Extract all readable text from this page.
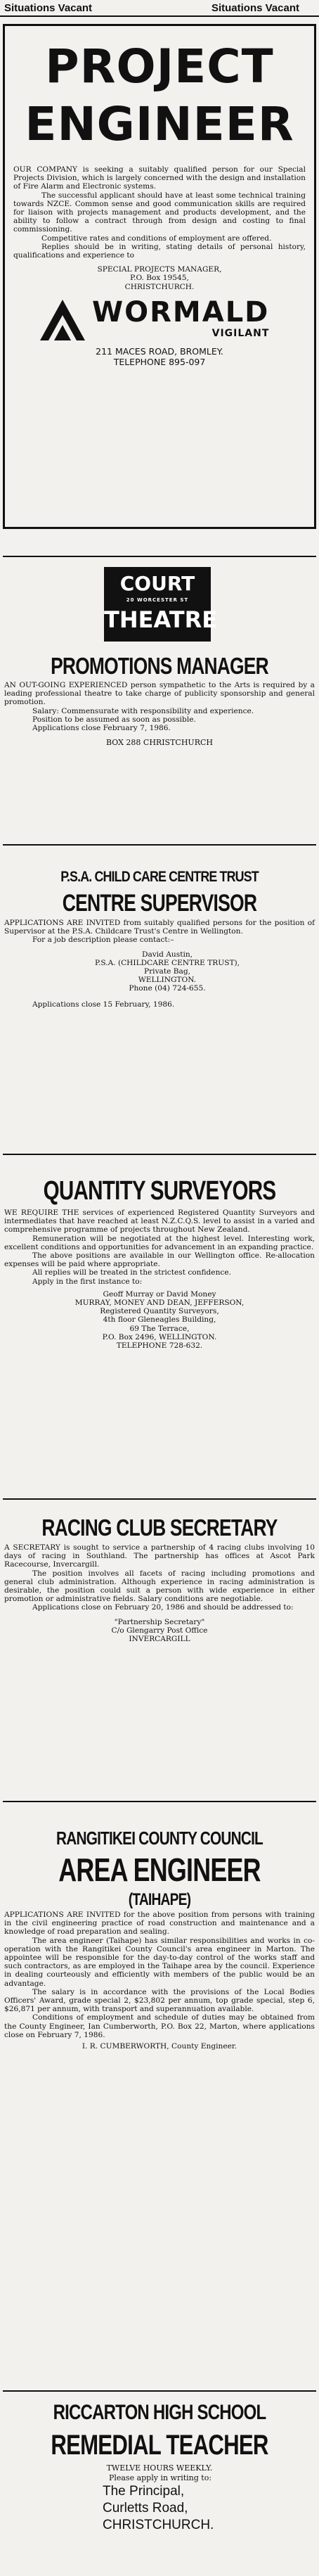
Situations Vacant	Situations Vacant
PROJECT
ENGINEER

OUR COMPANY is seeking a suitably qualified person for our Special Projects Division, which is largely concerned with the design and installation of Fire Alarm and Electronic systems.

The successful applicant should have at least some technical training towards NZCE. Common sense and good communication skills are required for liaison with projects management and products development, and the ability to follow a contract through from design and costing to final commissioning.

Competitive rates and conditions of employment are offered.

Replies should be in writing, stating details of personal history, qualifications and experience to

SPECIAL PROJECTS MANAGER,
P.O. Box 19545,
CHRISTCHURCH.
WORMALD
VIGILANT
211 MACES ROAD, BROMLEY.
TELEPHONE 895-097
COURT
20 WORCESTER ST
THEATRE
PROMOTIONS MANAGER

AN OUT-GOING EXPERIENCED person sympathetic to the Arts is required by a leading professional theatre to take charge of publicity sponsorship and general promotion.

Salary: Commensurate with responsibility and experience.

Position to be assumed as soon as possible.

Applications close February 7, 1986.

BOX 288 CHRISTCHURCH
P.S.A. CHILD CARE CENTRE TRUST
CENTRE SUPERVISOR

APPLICATIONS ARE INVITED from suitably qualified persons for the position of Supervisor at the P.S.A. Childcare Trust's Centre in Wellington.

For a job description please contact:–

David Austin,
P.S.A. (CHILDCARE CENTRE TRUST),
Private Bag,
WELLINGTON.
Phone (04) 724-655.

Applications close 15 February, 1986.

QUANTITY SURVEYORS

WE REQUIRE THE services of experienced Registered Quantity Surveyors and intermediates that have reached at least N.Z.C.Q.S. level to assist in a varied and comprehensive programme of projects throughout New Zealand.

Remuneration will be negotiated at the highest level. Interesting work, excellent conditions and opportunities for advancement in an expanding practice.

The above positions are available in our Wellington office. Re-allocation expenses will be paid where appropriate.

All replies will be treated in the strictest confidence.

Apply in the first instance to:

Geoff Murray or David Money
MURRAY, MONEY AND DEAN, JEFFERSON,
Registered Quantity Surveyors,
4th floor Gleneagles Building,
69 The Terrace,
P.O. Box 2496, WELLINGTON.
TELEPHONE 728-632.
RACING CLUB SECRETARY

A SECRETARY is sought to service a partnership of 4 racing clubs involving 10 days of racing in Southland. The partnership has offices at Ascot Park Racecourse, Invercargill.

The position involves all facets of racing including promotions and general club administration. Although experience in racing administration is desirable, the position could suit a person with wide experience in either promotion or administrative fields. Salary conditions are negotiable.

Applications close on February 20, 1986 and should be addressed to:

"Partnership Secretary"
C/o Glengarry Post Office
INVERCARGILL
RANGITIKEI COUNTY COUNCIL
AREA ENGINEER
(TAIHAPE)

APPLICATIONS ARE INVITED for the above position from persons with training in the civil engineering practice of road construction and maintenance and a knowledge of road preparation and sealing.

The area engineer (Taihape) has similar responsibilities and works in co-operation with the Rangitikei County Council's area engineer in Marton. The appointee will be responsible for the day-to-day control of the works staff and such contractors, as are employed in the Taihape area by the council. Experience in dealing courteously and efficiently with members of the public would be an advantage.

The salary is in accordance with the provisions of the Local Bodies Officers' Award, grade special 2, $23,802 per annum, top grade special, step 6, $26,871 per annum, with transport and superannuation available.

Conditions of employment and schedule of duties may be obtained from the County Engineer, Ian Cumberworth, P.O. Box 22, Marton, where applications close on February 7, 1986.

I. R. CUMBERWORTH, County Engineer.
RICCARTON HIGH SCHOOL
REMEDIAL TEACHER
TWELVE HOURS WEEKLY.
Please apply in writing to:
The Principal,
Curletts Road,
CHRISTCHURCH.
